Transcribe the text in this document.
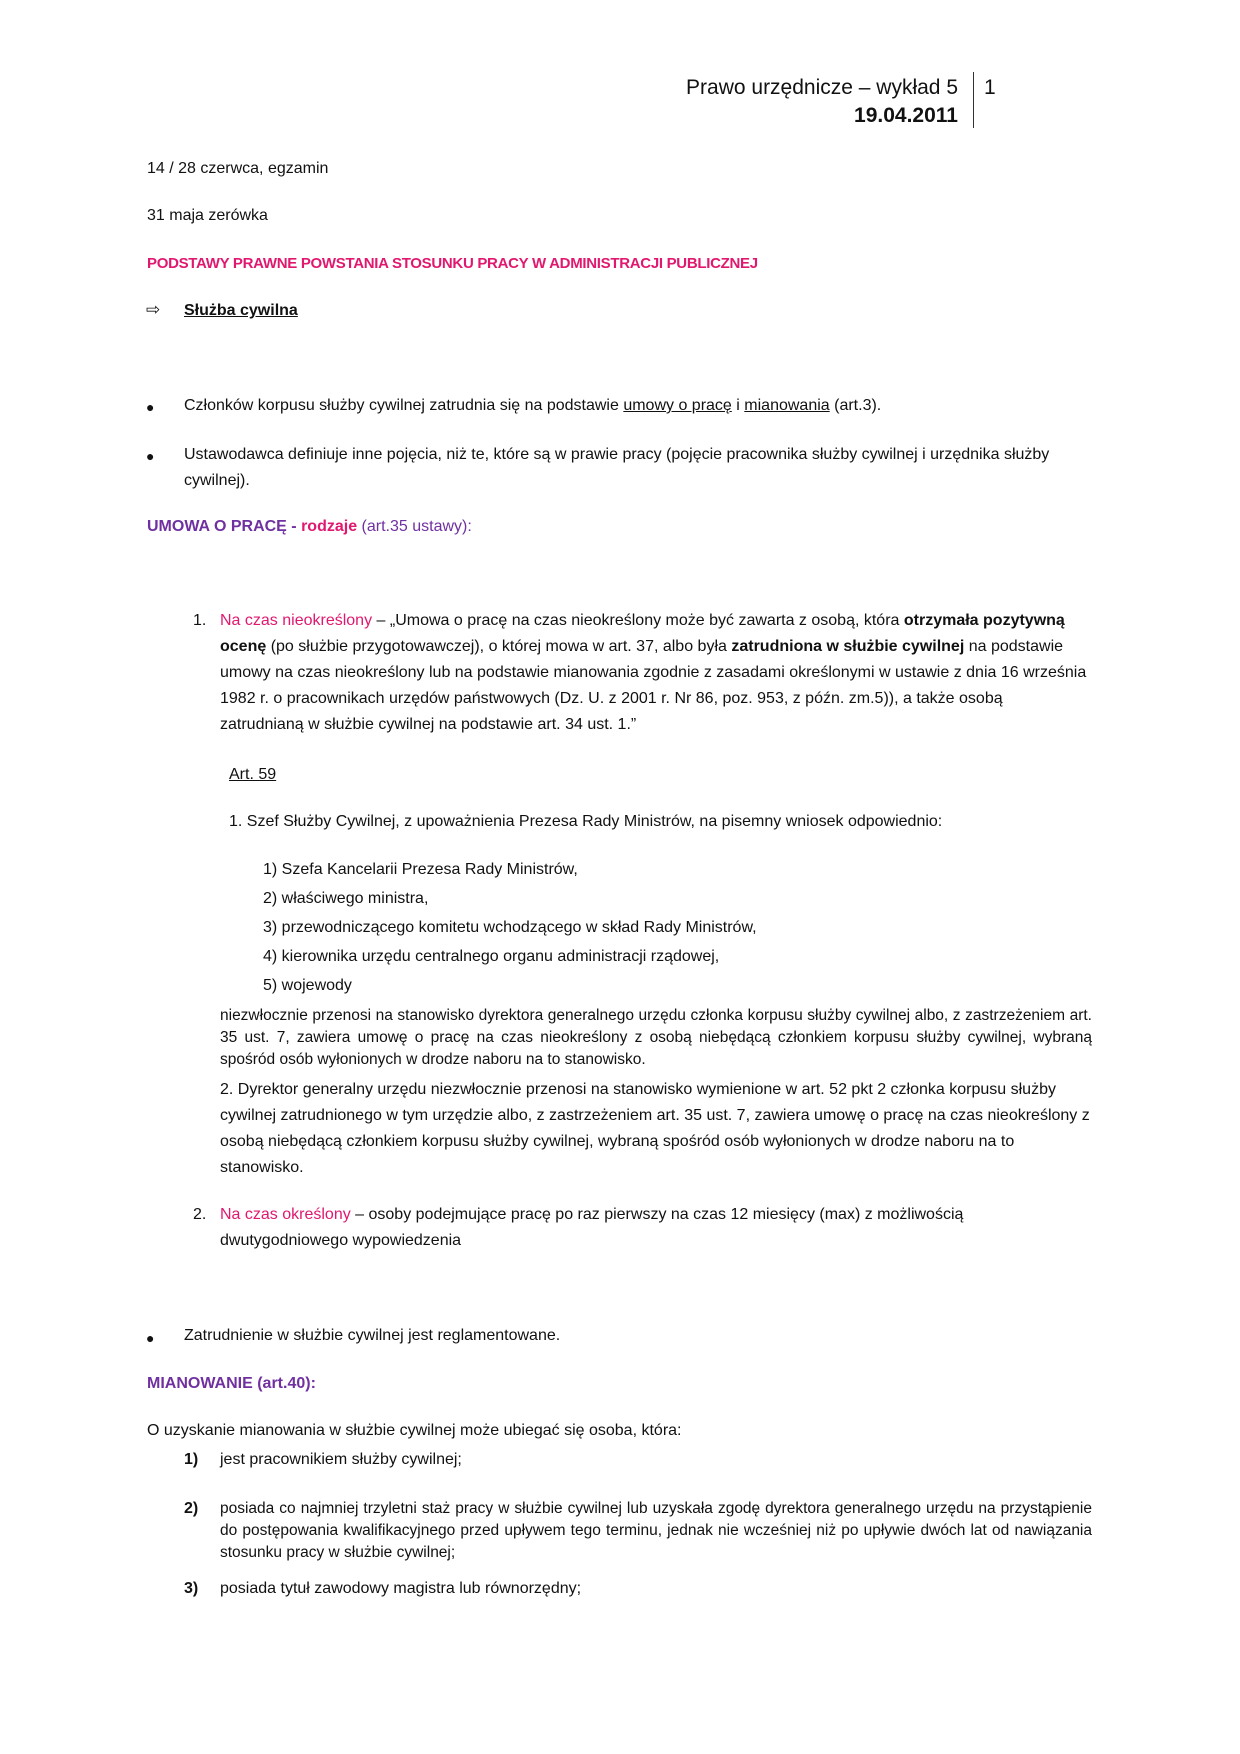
Prawo urzędnicze – wykład 5
19.04.2011
1
14 / 28 czerwca, egzamin
31 maja zerówka
PODSTAWY PRAWNE POWSTANIA STOSUNKU PRACY W ADMINISTRACJI PUBLICZNEJ
⇨ Służba cywilna
● Członków korpusu służby cywilnej zatrudnia się na podstawie umowy o pracę i mianowania (art.3).
● Ustawodawca definiuje inne pojęcia, niż te, które są w prawie pracy (pojęcie pracownika służby cywilnej i urzędnika służby cywilnej).
UMOWA O PRACĘ - rodzaje (art.35 ustawy):
1. Na czas nieokreślony – „Umowa o pracę na czas nieokreślony może być zawarta z osobą, która otrzymała pozytywną ocenę (po służbie przygotowawczej), o której mowa w art. 37, albo była zatrudniona w służbie cywilnej na podstawie umowy na czas nieokreślony lub na podstawie mianowania zgodnie z zasadami określonymi w ustawie z dnia 16 września 1982 r. o pracownikach urzędów państwowych (Dz. U. z 2001 r. Nr 86, poz. 953, z późn. zm.5)), a także osobą zatrudnianą w służbie cywilnej na podstawie art. 34 ust. 1.”
Art. 59
1. Szef Służby Cywilnej, z upoważnienia Prezesa Rady Ministrów, na pisemny wniosek odpowiednio:
1) Szefa Kancelarii Prezesa Rady Ministrów,
2) właściwego ministra,
3) przewodniczącego komitetu wchodzącego w skład Rady Ministrów,
4) kierownika urzędu centralnego organu administracji rządowej,
5) wojewody
niezwłocznie przenosi na stanowisko dyrektora generalnego urzędu członka korpusu służby cywilnej albo, z zastrzeżeniem art. 35 ust. 7, zawiera umowę o pracę na czas nieokreślony z osobą niebędącą członkiem korpusu służby cywilnej, wybraną spośród osób wyłonionych w drodze naboru na to stanowisko.
2. Dyrektor generalny urzędu niezwłocznie przenosi na stanowisko wymienione w art. 52 pkt 2 członka korpusu służby cywilnej zatrudnionego w tym urzędzie albo, z zastrzeżeniem art. 35 ust. 7, zawiera umowę o pracę na czas nieokreślony z osobą niebędącą członkiem korpusu służby cywilnej, wybraną spośród osób wyłonionych w drodze naboru na to stanowisko.
2. Na czas określony – osoby podejmujące pracę po raz pierwszy na czas 12 miesięcy (max) z możliwością dwutygodniowego wypowiedzenia
● Zatrudnienie w służbie cywilnej jest reglamentowane.
MIANOWANIE (art.40):
O uzyskanie mianowania w służbie cywilnej może ubiegać się osoba, która:
1) jest pracownikiem służby cywilnej;
2) posiada co najmniej trzyletni staż pracy w służbie cywilnej lub uzyskała zgodę dyrektora generalnego urzędu na przystąpienie do postępowania kwalifikacyjnego przed upływem tego terminu, jednak nie wcześniej niż po upływie dwóch lat od nawiązania stosunku pracy w służbie cywilnej;
3) posiada tytuł zawodowy magistra lub równorzędny;
